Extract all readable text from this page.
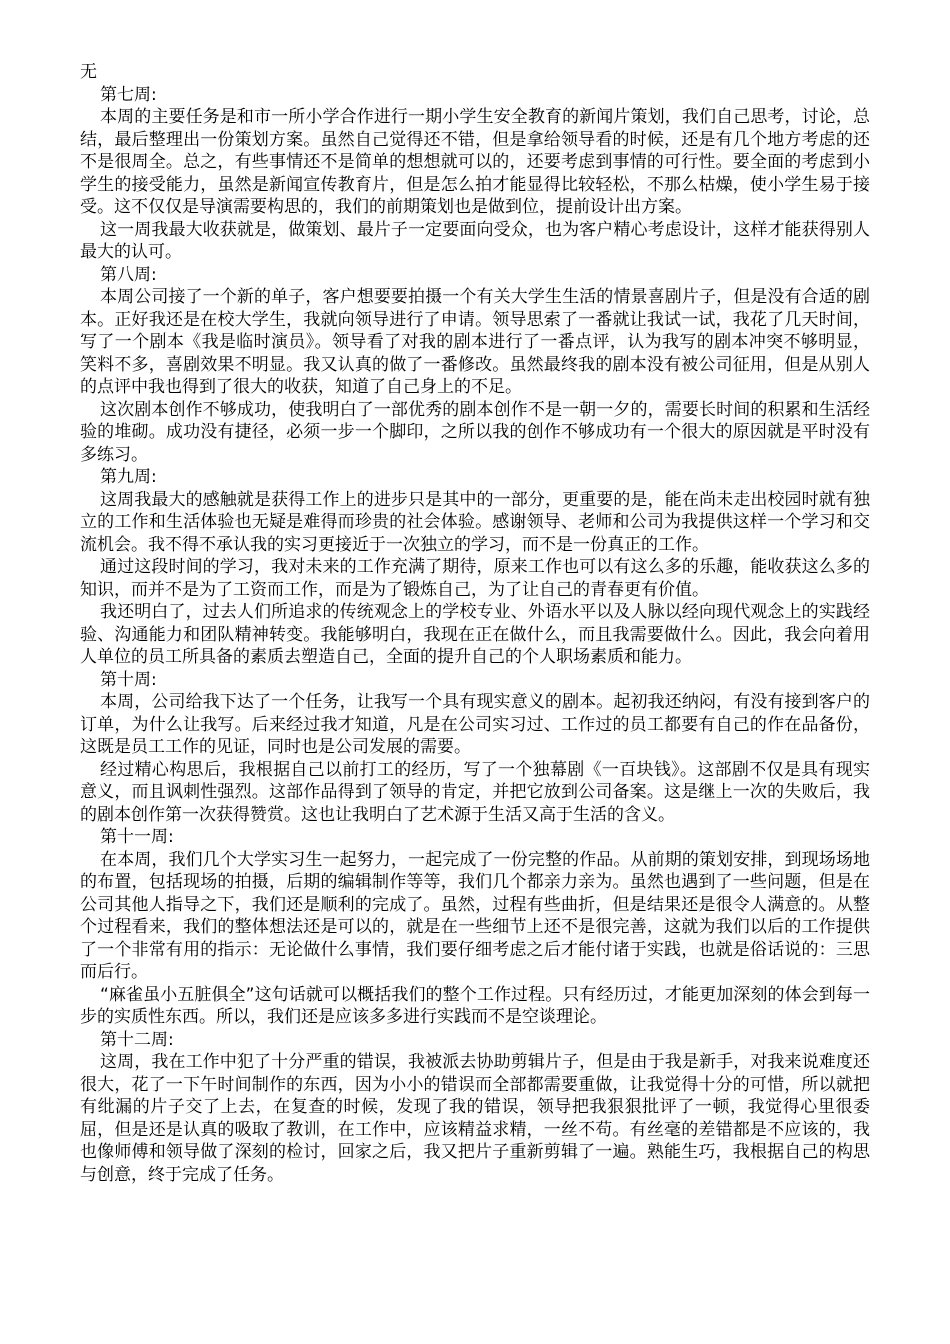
无

第七周:

本周的主要任务是和市一所小学合作进行一期小学生安全教育的新闻片策划，我们自己思考，讨论，总结，最后整理出一份策划方案。虽然自己觉得还不错，但是拿给领导看的时候，还是有几个地方考虑的还不是很周全。总之，有些事情还不是简单的想想就可以的，还要考虑到事情的可行性。要全面的考虑到小学生的接受能力，虽然是新闻宣传教育片，但是怎么拍才能显得比较轻松，不那么枯燥，使小学生易于接受。这不仅仅是导演需要构思的，我们的前期策划也是做到位，提前设计出方案。

这一周我最大收获就是，做策划、最片子一定要面向受众，也为客户精心考虑设计，这样才能获得别人最大的认可。

第八周:

本周公司接了一个新的单子，客户想要要拍摄一个有关大学生生活的情景喜剧片子，但是没有合适的剧本。正好我还是在校大学生，我就向领导进行了申请。领导思索了一番就让我试一试，我花了几天时间，写了一个剧本《我是临时演员》。领导看了对我的剧本进行了一番点评，认为我写的剧本冲突不够明显，笑料不多，喜剧效果不明显。我又认真的做了一番修改。虽然最终我的剧本没有被公司征用，但是从别人的点评中我也得到了很大的收获，知道了自己身上的不足。

这次剧本创作不够成功，使我明白了一部优秀的剧本创作不是一朝一夕的，需要长时间的积累和生活经验的堆砌。成功没有捷径，必须一步一个脚印，之所以我的创作不够成功有一个很大的原因就是平时没有多练习。

第九周:

这周我最大的感触就是获得工作上的进步只是其中的一部分，更重要的是，能在尚未走出校园时就有独立的工作和生活体验也无疑是难得而珍贵的社会体验。感谢领导、老师和公司为我提供这样一个学习和交流机会。我不得不承认我的实习更接近于一次独立的学习，而不是一份真正的工作。

通过这段时间的学习，我对未来的工作充满了期待，原来工作也可以有这么多的乐趣，能收获这么多的知识，而并不是为了工资而工作，而是为了锻炼自己，为了让自己的青春更有价值。

我还明白了，过去人们所追求的传统观念上的学校专业、外语水平以及人脉以经向现代观念上的实践经验、沟通能力和团队精神转变。我能够明白，我现在正在做什么，而且我需要做什么。因此，我会向着用人单位的员工所具备的素质去塑造自己，全面的提升自己的个人职场素质和能力。

第十周:

本周，公司给我下达了一个任务，让我写一个具有现实意义的剧本。起初我还纳闷，有没有接到客户的订单，为什么让我写。后来经过我才知道，凡是在公司实习过、工作过的员工都要有自己的作在品备份，这既是员工工作的见证，同时也是公司发展的需要。

经过精心构思后，我根据自己以前打工的经历，写了一个独幕剧《一百块钱》。这部剧不仅是具有现实意义，而且讽刺性强烈。这部作品得到了领导的肯定，并把它放到公司备案。这是继上一次的失败后，我的剧本创作第一次获得赞赏。这也让我明白了艺术源于生活又高于生活的含义。

第十一周:

在本周，我们几个大学实习生一起努力，一起完成了一份完整的作品。从前期的策划安排，到现场场地的布置，包括现场的拍摄，后期的编辑制作等等，我们几个都亲力亲为。虽然也遇到了一些问题，但是在公司其他人指导之下，我们还是顺利的完成了。虽然，过程有些曲折，但是结果还是很令人满意的。从整个过程看来，我们的整体想法还是可以的，就是在一些细节上还不是很完善，这就为我们以后的工作提供了一个非常有用的指示：无论做什么事情，我们要仔细考虑之后才能付诸于实践，也就是俗话说的：三思而后行。

“麻雀虽小五脏俱全”这句话就可以概括我们的整个工作过程。只有经历过，才能更加深刻的体会到每一步的实质性东西。所以，我们还是应该多多进行实践而不是空谈理论。

第十二周:

这周，我在工作中犯了十分严重的错误，我被派去协助剪辑片子，但是由于我是新手，对我来说难度还很大，花了一下午时间制作的东西，因为小小的错误而全部都需要重做，让我觉得十分的可惜，所以就把有纰漏的片子交了上去，在复查的时候，发现了我的错误，领导把我狠狠批评了一顿，我觉得心里很委屈，但是还是认真的吸取了教训，在工作中，应该精益求精，一丝不苟。有丝毫的差错都是不应该的，我也像师傅和领导做了深刻的检讨，回家之后，我又把片子重新剪辑了一遍。熟能生巧，我根据自己的构思与创意，终于完成了任务。
